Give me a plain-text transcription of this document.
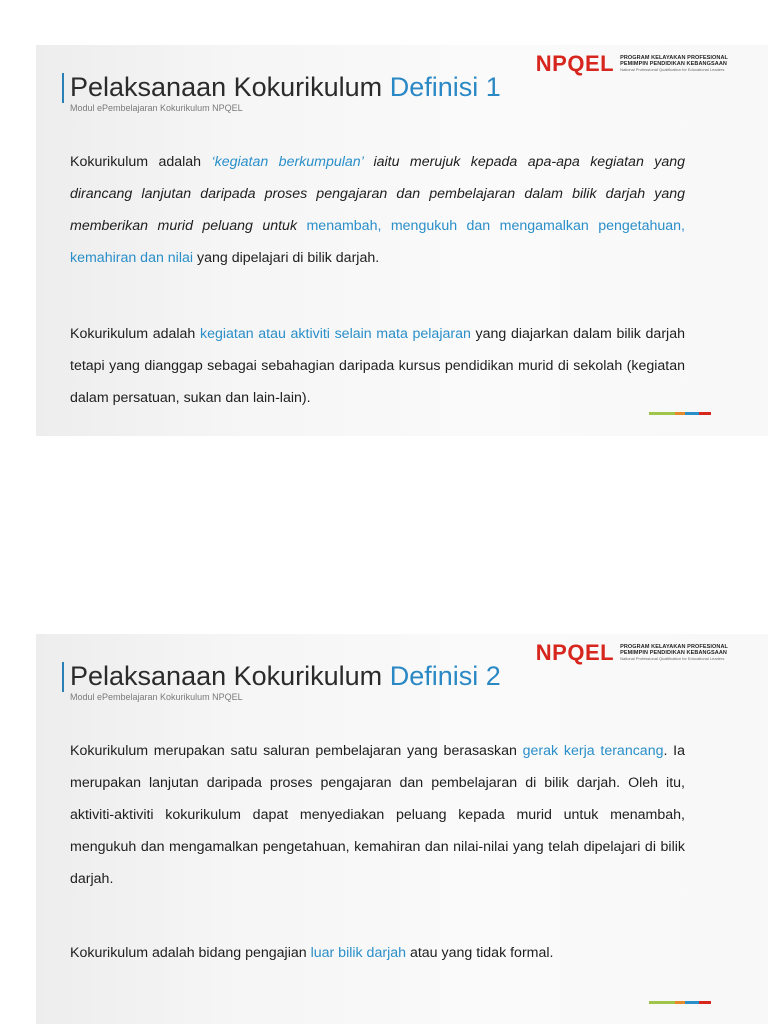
NPQEL PROGRAM KELAYAKAN PROFESIONAL
PEMIMPIN PENDIDIKAN KEBANGSAAN
National Professional Qualification for Educational Leaders
Pelaksanaan Kokurikulum Definisi 1
Modul ePembelajaran Kokurikulum NPQEL

Kokurikulum adalah ‘kegiatan berkumpulan’ iaitu merujuk kepada apa-apa kegiatan yang dirancang lanjutan daripada proses pengajaran dan pembelajaran dalam bilik darjah yang memberikan murid peluang untuk menambah, mengukuh dan mengamalkan pengetahuan, kemahiran dan nilai yang dipelajari di bilik darjah.

Kokurikulum adalah kegiatan atau aktiviti selain mata pelajaran yang diajarkan dalam bilik darjah tetapi yang dianggap sebagai sebahagian daripada kursus pendidikan murid di sekolah (kegiatan dalam persatuan, sukan dan lain-lain).

NPQEL PROGRAM KELAYAKAN PROFESIONAL
PEMIMPIN PENDIDIKAN KEBANGSAAN
National Professional Qualification for Educational Leaders
Pelaksanaan Kokurikulum Definisi 2
Modul ePembelajaran Kokurikulum NPQEL

Kokurikulum merupakan satu saluran pembelajaran yang berasaskan gerak kerja terancang. Ia merupakan lanjutan daripada proses pengajaran dan pembelajaran di bilik darjah. Oleh itu, aktiviti-aktiviti kokurikulum dapat menyediakan peluang kepada murid untuk menambah, mengukuh dan mengamalkan pengetahuan, kemahiran dan nilai-nilai yang telah dipelajari di bilik darjah.

Kokurikulum adalah bidang pengajian luar bilik darjah atau yang tidak formal.
